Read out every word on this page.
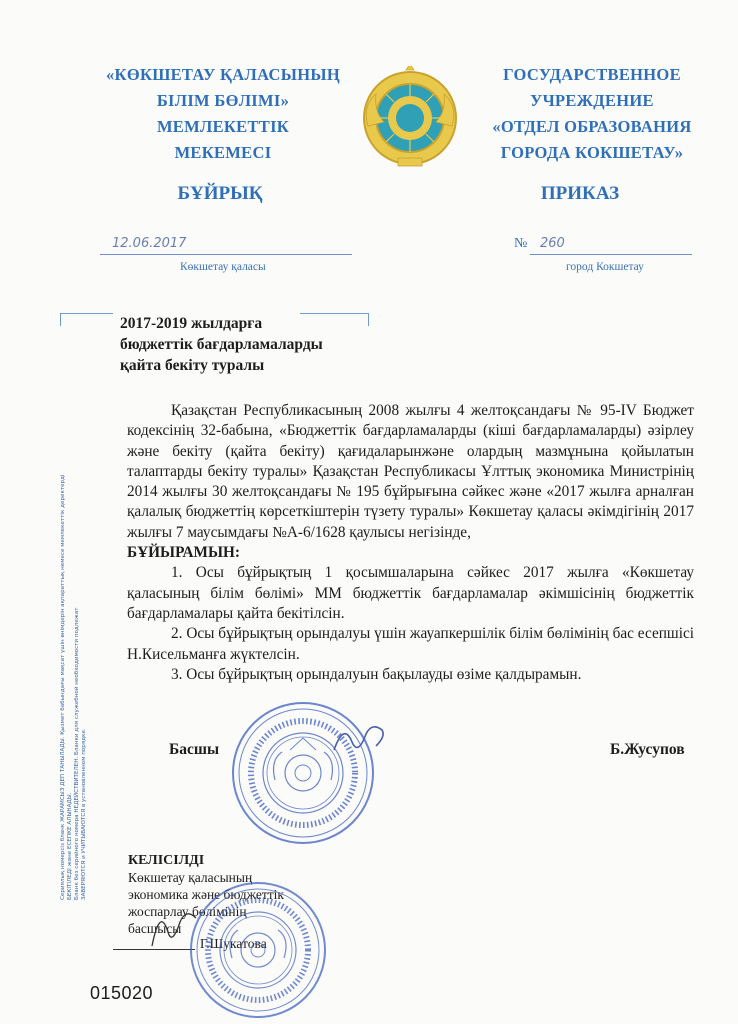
«КӨКШЕТАУ ҚАЛАСЫНЫҢ
БІЛІМ БӨЛІМІ»
МЕМЛЕКЕТТІК
МЕКЕМЕСІ
ГОСУДАРСТВЕННОЕ
УЧРЕЖДЕНИЕ
«ОТДЕЛ ОБРАЗОВАНИЯ
ГОРОДА КОКШЕТАУ»
БҰЙРЫҚ	ПРИКАЗ
12.06.2017
Көкшетау қаласы
№ 260
город Кокшетау
2017-2019 жылдарға
бюджеттік бағдарламаларды
қайта бекіту туралы

Қазақстан Республикасының 2008 жылғы 4 желтоқсандағы № 95-IV Бюджет кодексінің 32-бабына, «Бюджеттік бағдарламаларды (кіші бағдарламаларды) әзірлеу және бекіту (қайта бекіту) қағидаларынжәне олардың мазмұнына қойылатын талаптарды бекіту туралы» Қазақстан Республикасы Ұлттық экономика Министрінің 2014 жылғы 30 желтоқсандағы № 195 бұйрығына сәйкес және «2017 жылға арналған қалалық бюджеттің көрсеткіштерін түзету туралы» Көкшетау қаласы әкімдігінің 2017 жылғы 7 маусымдағы №А-6/1628 қаулысы негізінде,

БҰЙЫРАМЫН:

1. Осы бұйрықтың 1 қосымшаларына сәйкес 2017 жылға «Көкшетау қаласының білім бөлімі» ММ бюджеттік бағдарламалар әкімшісінің бюджеттік бағдарламалары қайта бекітілсін.

2. Осы бұйрықтың орындалуы үшін жауапкершілік білім бөлімінің бас есепшісі Н.Кисельманға жүктелсін.

3. Осы бұйрықтың орындалуын бақылауды өзіме қалдырамын.

Басшы	Б.Жусупов
КЕЛІСІЛДІ
Көкшетау қаласының
экономика және бюджеттік
жоспарлау бөлімінің
басшысы
Г.Шукатова
Сериялық номерсіз бланк ЖАРАМСЫЗ ДЕП ТАНЫЛАДЫ. Қызмет бабындағы мақсат үшін өнімдерін ақпараттық немесе мемлекеттік деректерді БЕКІТІЛЕДІ және ЕСЕПКЕ АЛЫНАДЫ. Бланк без серийного номера НЕДЕЙСТВИТЕЛЕН. Бланки для служебной необходимости подлежат ЗАВЕРЯЮТСЯ и УЧИТЫВАЮТСЯ в установленном порядке.
015020
